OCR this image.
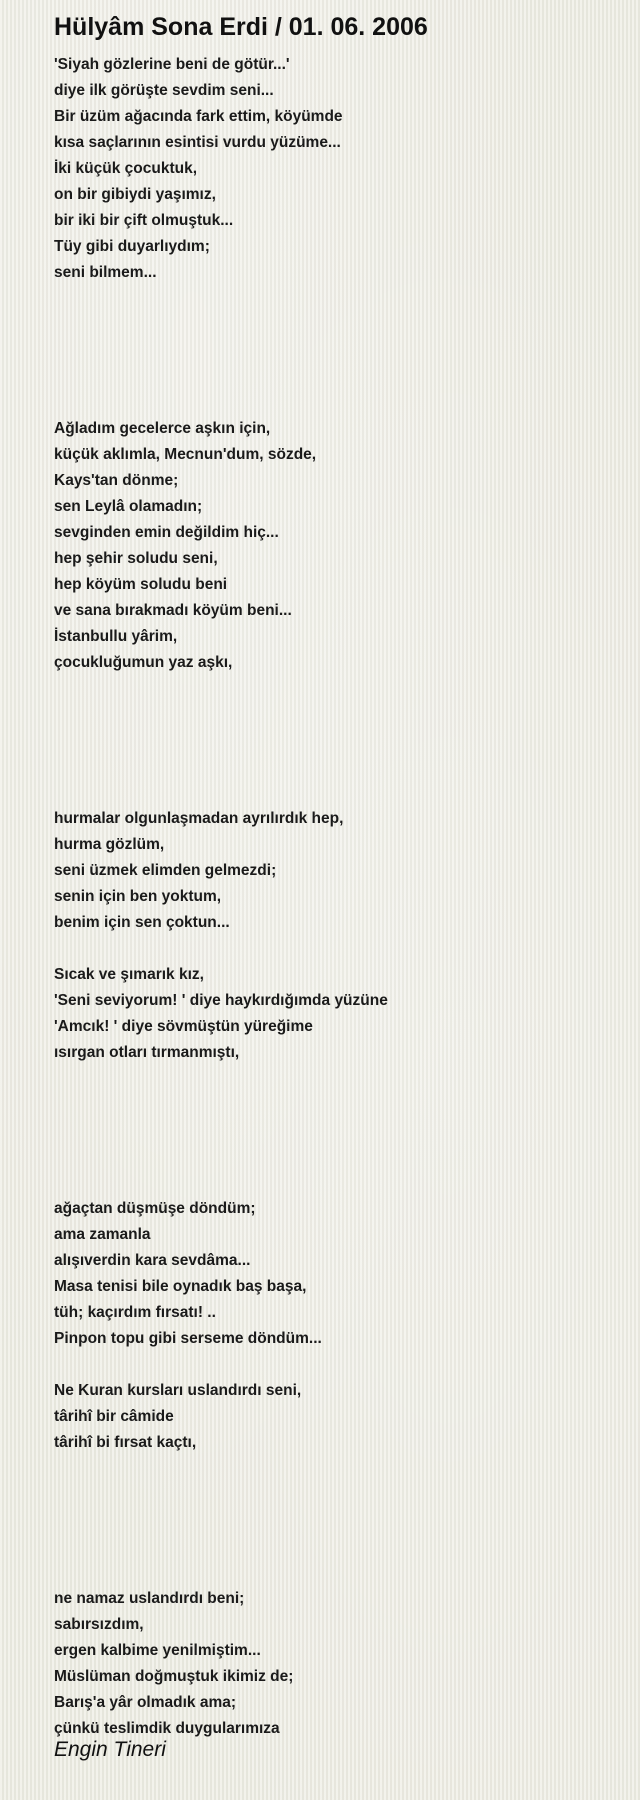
Hülyâm Sona Erdi / 01. 06. 2006
'Siyah gözlerine beni de götür...'
diye ilk görüşte sevdim seni...
Bir üzüm ağacında fark ettim, köyümde
kısa saçlarının esintisi vurdu yüzüme...
İki küçük çocuktuk,
on bir gibiydi yaşımız,
bir iki bir çift olmuştuk...
Tüy gibi duyarlıydım;
seni bilmem...
Ağladım gecelerce aşkın için,
küçük aklımla, Mecnun'dum, sözde,
Kays'tan dönme;
sen Leylâ olamadın;
sevginden emin değildim hiç...
hep şehir soludu seni,
hep köyüm soludu beni
ve sana bırakmadı köyüm beni...
İstanbullu yârim,
çocukluğumun yaz aşkı,
hurmalar olgunlaşmadan ayrılırdık hep,
hurma gözlüm,
seni üzmek elimden gelmezdi;
senin için ben yoktum,
benim için sen çoktun...
Sıcak ve şımarık kız,
'Seni seviyorum! ' diye haykırdığımda yüzüne
'Amcık! ' diye sövmüştün yüreğime
ısırgan otları tırmanmıştı,
ağaçtan düşmüşe döndüm;
ama zamanla
alışıverdin kara sevdâma...
Masa tenisi bile oynadık baş başa,
tüh; kaçırdım fırsatı! ..
Pinpon topu gibi serseme döndüm...
Ne Kuran kursları uslandırdı seni,
târihî bir câmide
târihî bi fırsat kaçtı,
ne namaz uslandırdı beni;
sabırsızdım,
ergen kalbime yenilmiştim...
Müslüman doğmuştuk ikimiz de;
Barış'a yâr olmadık ama;
çünkü teslimdik duygularımıza
Engin Tineri
